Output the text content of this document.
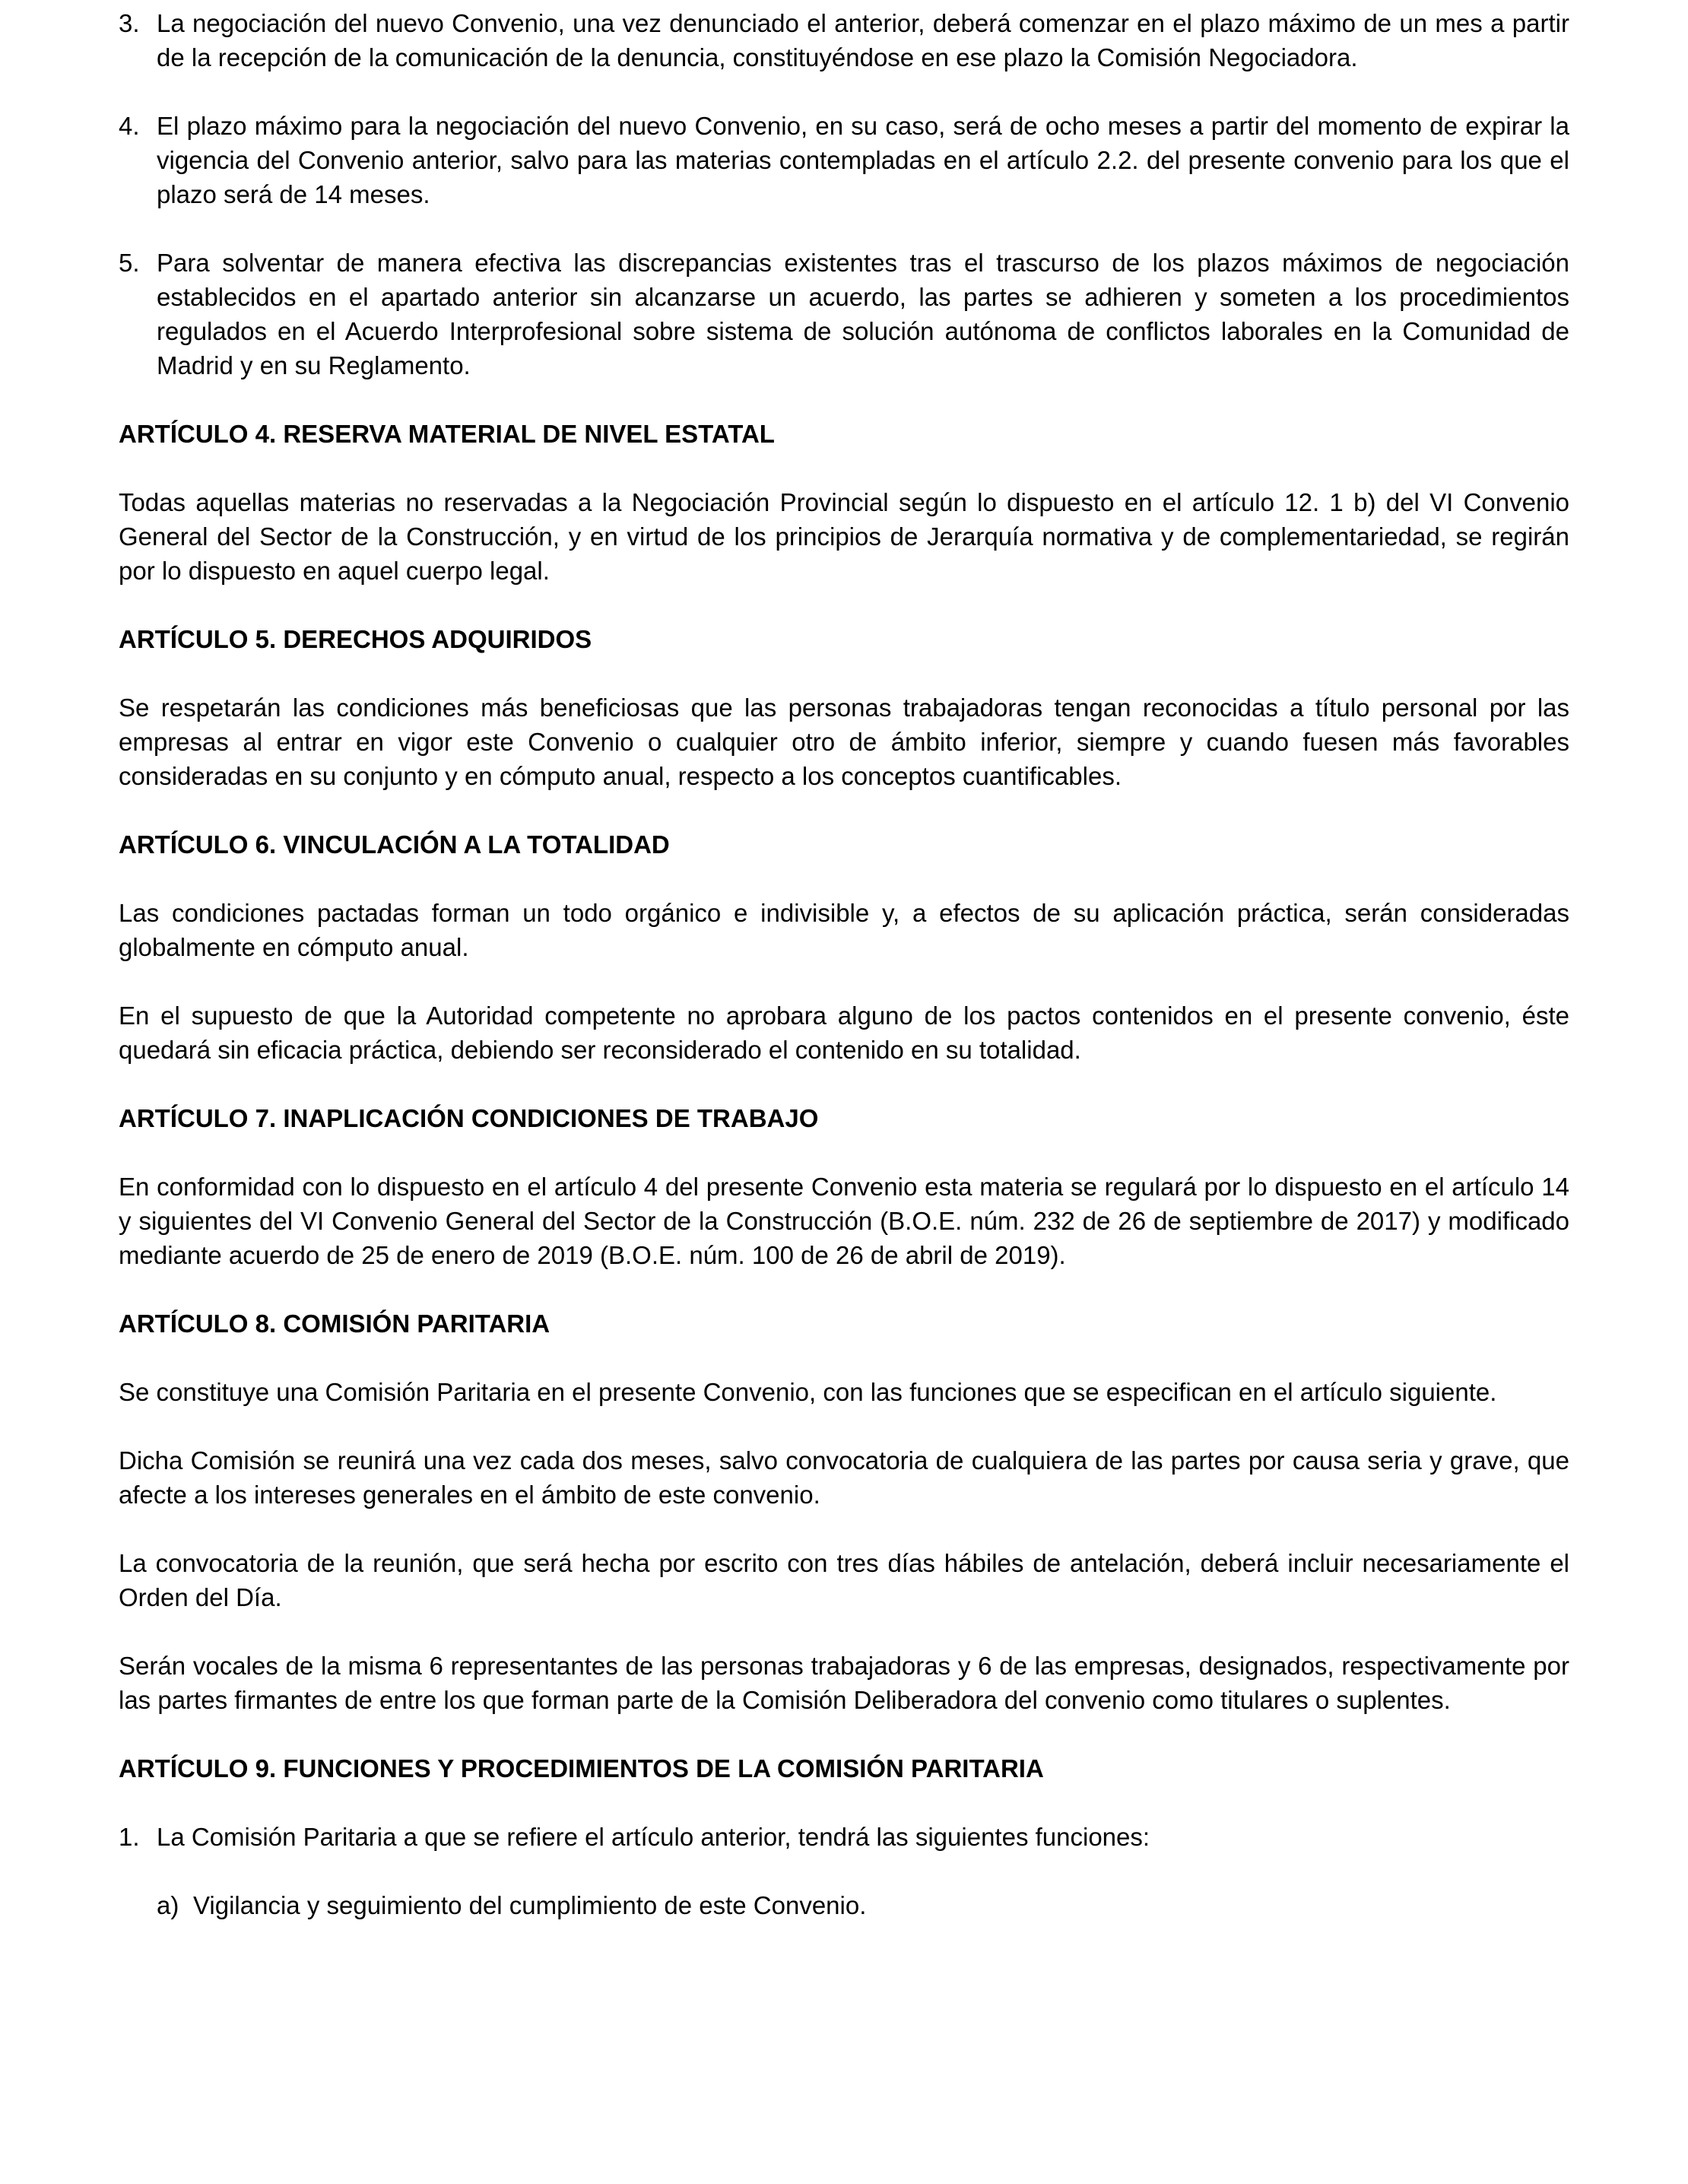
3. La negociación del nuevo Convenio, una vez denunciado el anterior, deberá comenzar en el plazo máximo de un mes a partir de la recepción de la comunicación de la denuncia, constituyéndose en ese plazo la Comisión Negociadora.
4. El plazo máximo para la negociación del nuevo Convenio, en su caso, será de ocho meses a partir del momento de expirar la vigencia del Convenio anterior, salvo para las materias contempladas en el artículo 2.2. del presente convenio para los que el plazo será de 14 meses.
5. Para solventar de manera efectiva las discrepancias existentes tras el trascurso de los plazos máximos de negociación establecidos en el apartado anterior sin alcanzarse un acuerdo, las partes se adhieren y someten a los procedimientos regulados en el Acuerdo Interprofesional sobre sistema de solución autónoma de conflictos laborales en la Comunidad de Madrid y en su Reglamento.
ARTÍCULO 4. RESERVA MATERIAL DE NIVEL ESTATAL

Todas aquellas materias no reservadas a la Negociación Provincial según lo dispuesto en el artículo 12. 1 b) del VI Convenio General del Sector de la Construcción, y en virtud de los principios de Jerarquía normativa y de complementariedad, se regirán por lo dispuesto en aquel cuerpo legal.

ARTÍCULO 5. DERECHOS ADQUIRIDOS

Se respetarán las condiciones más beneficiosas que las personas trabajadoras tengan reconocidas a título personal por las empresas al entrar en vigor este Convenio o cualquier otro de ámbito inferior, siempre y cuando fuesen más favorables consideradas en su conjunto y en cómputo anual, respecto a los conceptos cuantificables.

ARTÍCULO 6. VINCULACIÓN A LA TOTALIDAD

Las condiciones pactadas forman un todo orgánico e indivisible y, a efectos de su aplicación práctica, serán consideradas globalmente en cómputo anual.

En el supuesto de que la Autoridad competente no aprobara alguno de los pactos contenidos en el presente convenio, éste quedará sin eficacia práctica, debiendo ser reconsiderado el contenido en su totalidad.

ARTÍCULO 7. INAPLICACIÓN CONDICIONES DE TRABAJO

En conformidad con lo dispuesto en el artículo 4 del presente Convenio esta materia se regulará por lo dispuesto en el artículo 14 y siguientes del VI Convenio General del Sector de la Construcción (B.O.E. núm. 232 de 26 de septiembre de 2017) y modificado mediante acuerdo de 25 de enero de 2019 (B.O.E. núm. 100 de 26 de abril de 2019).

ARTÍCULO 8. COMISIÓN PARITARIA

Se constituye una Comisión Paritaria en el presente Convenio, con las funciones que se especifican en el artículo siguiente.

Dicha Comisión se reunirá una vez cada dos meses, salvo convocatoria de cualquiera de las partes por causa seria y grave, que afecte a los intereses generales en el ámbito de este convenio.

La convocatoria de la reunión, que será hecha por escrito con tres días hábiles de antelación, deberá incluir necesariamente el Orden del Día.

Serán vocales de la misma 6 representantes de las personas trabajadoras y 6 de las empresas, designados, respectivamente por las partes firmantes de entre los que forman parte de la Comisión Deliberadora del convenio como titulares o suplentes.

ARTÍCULO 9. FUNCIONES Y PROCEDIMIENTOS DE LA COMISIÓN PARITARIA
1. La Comisión Paritaria a que se refiere el artículo anterior, tendrá las siguientes funciones:
a) Vigilancia y seguimiento del cumplimiento de este Convenio.
